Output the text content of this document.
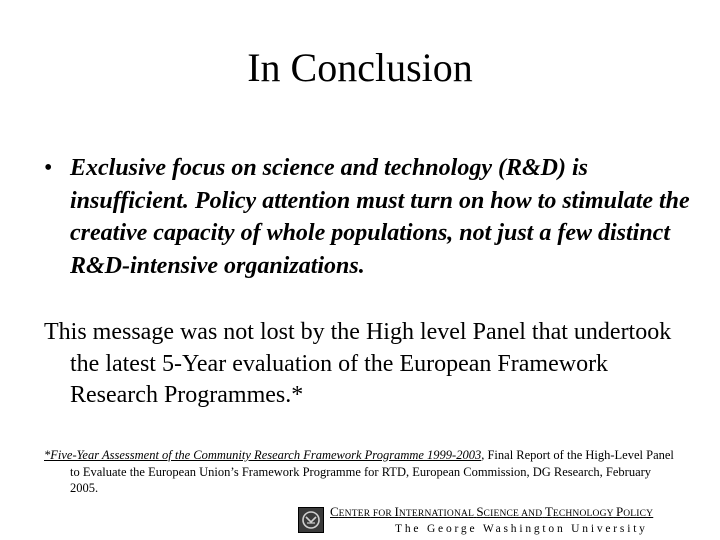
In Conclusion
• Exclusive focus on science and technology (R&D) is insufficient. Policy attention must turn on how to stimulate the creative capacity of whole populations, not just a few distinct R&D-intensive organizations.
This message was not lost by the High level Panel that undertook the latest 5-Year evaluation of the European Framework Research Programmes.*
*Five-Year Assessment of the Community Research Framework Programme 1999-2003, Final Report of the High-Level Panel to Evaluate the European Union’s Framework Programme for RTD, European Commission, DG Research, February 2005.
CENTER FOR INTERNATIONAL SCIENCE AND TECHNOLOGY POLICY
The George Washington University
